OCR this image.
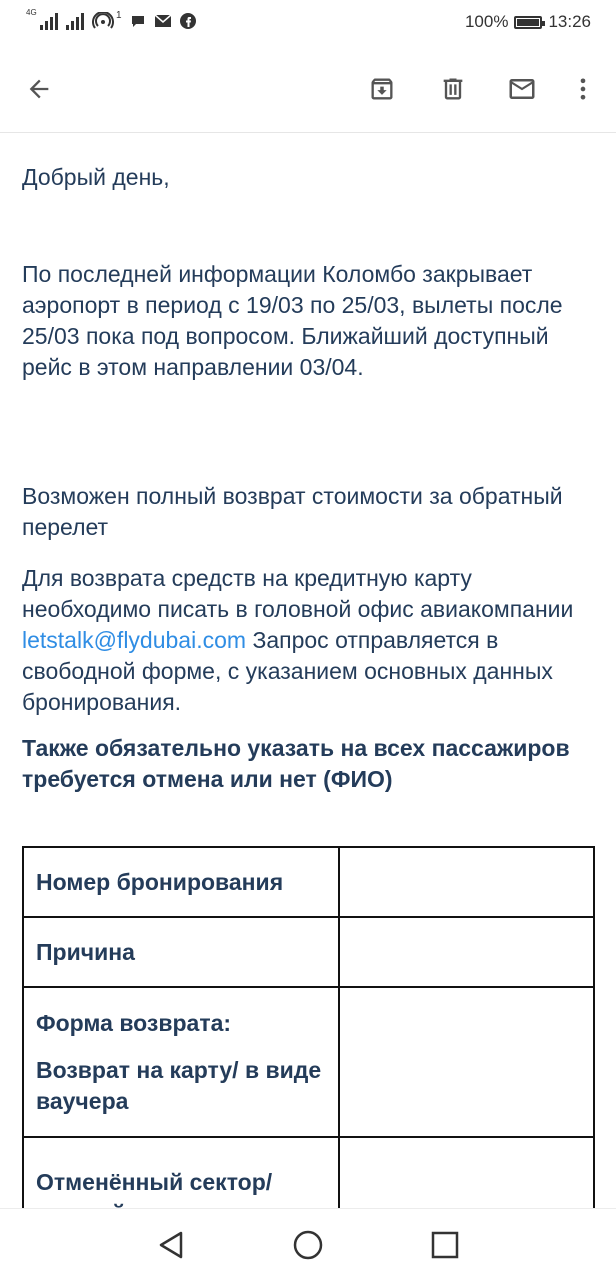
4G	1	100% 13:26

Добрый день,

По последней информации Коломбо закрывает аэропорт в период с 19/03 по 25/03, вылеты после 25/03 пока под вопросом. Ближайший доступный рейс в этом направлении 03/04.

Возможен полный возврат стоимости за обратный перелет

Для возврата средств на кредитную карту необходимо писать в головной офис авиакомпании letstalk@flydubai.com Запрос отправляется в свободной форме, с указанием основных данных бронирования.

Также обязательно указать на всех пассажиров требуется отмена или нет (ФИО)

Номер бронирования	
Причина	

Форма возврата:
Возврат на карту/ в виде ваучера	
Отменённый сектор/	
